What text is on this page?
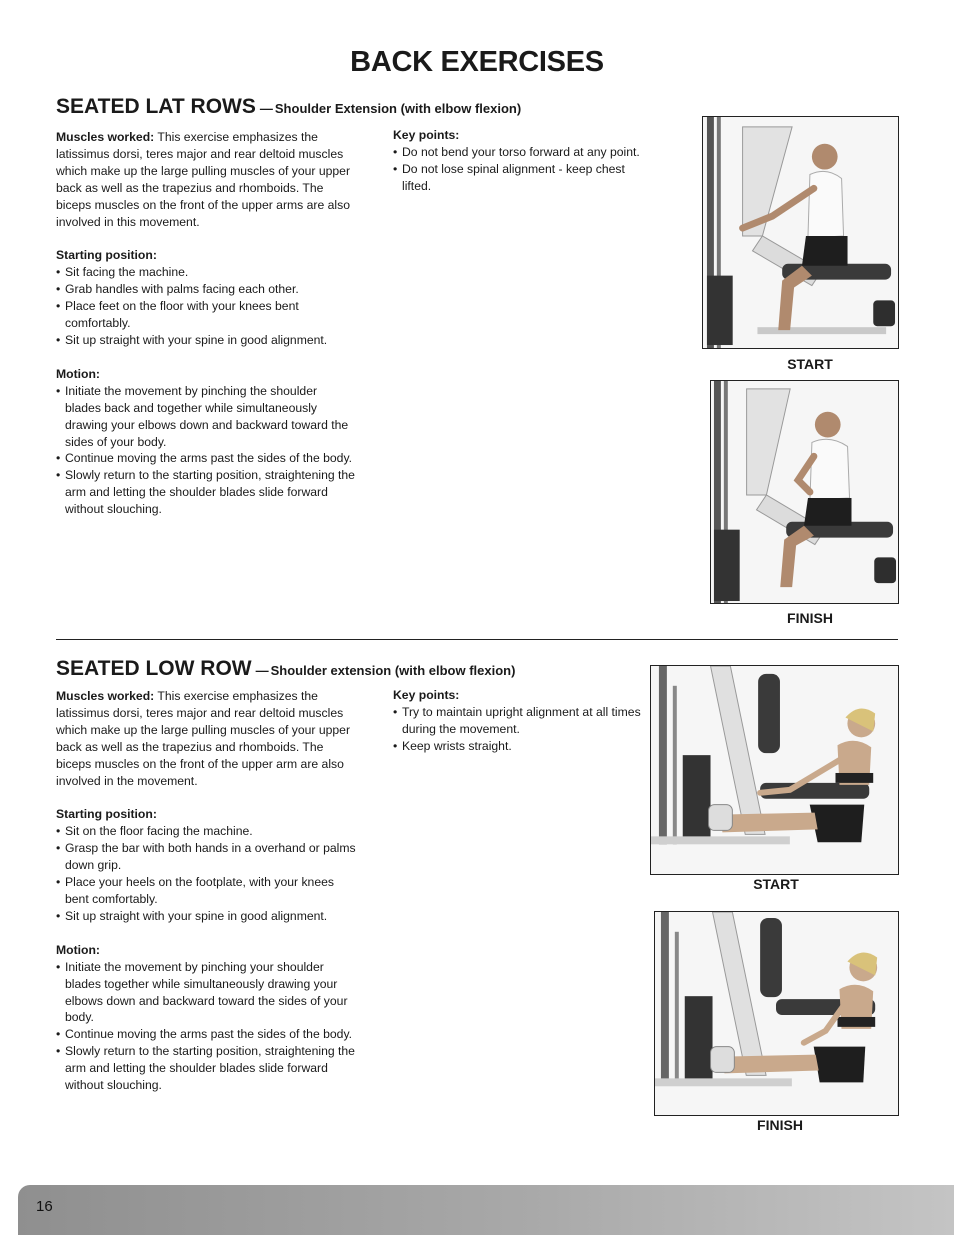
BACK EXERCISES
SEATED LAT ROWS — Shoulder Extension (with elbow flexion)

Muscles worked: This exercise emphasizes the latissimus dorsi, teres major and rear deltoid muscles which make up the large pulling muscles of your upper back as well as the trapezius and rhomboids. The biceps muscles on the front of the upper arms are also involved in this movement.

Starting position:

• Sit facing the machine.
• Grab handles with palms facing each other.
• Place feet on the floor with your knees bent comfortably.
• Sit up straight with your spine in good alignment.

Motion:

• Initiate the movement by pinching the shoulder blades back and together while simultaneously drawing your elbows down and backward toward the sides of your body.
• Continue moving the arms past the sides of the body.
• Slowly return to the starting position, straightening the arm and letting the shoulder blades slide forward without slouching.

Key points:

• Do not bend your torso forward at any point.
• Do not lose spinal alignment - keep chest lifted.
START
FINISH
SEATED LOW ROW — Shoulder extension (with elbow flexion)

Muscles worked: This exercise emphasizes the latissimus dorsi, teres major and rear deltoid muscles which make up the large pulling muscles of your upper back as well as the trapezius and rhomboids. The biceps muscles on the front of the upper arm are also involved in the movement.

Starting position:

• Sit on the floor facing the machine.
• Grasp the bar with both hands in a overhand or palms down grip.
• Place your heels on the footplate, with your knees bent comfortably.
• Sit up straight with your spine in good alignment.

Motion:

• Initiate the movement by pinching your shoulder blades together while simultaneously drawing your elbows down and backward toward the sides of your body.
• Continue moving the arms past the sides of the body.
• Slowly return to the starting position, straightening the arm and letting the shoulder blades slide forward without slouching.

Key points:

• Try to maintain upright alignment at all times during the movement.
• Keep wrists straight.
START
FINISH
16
